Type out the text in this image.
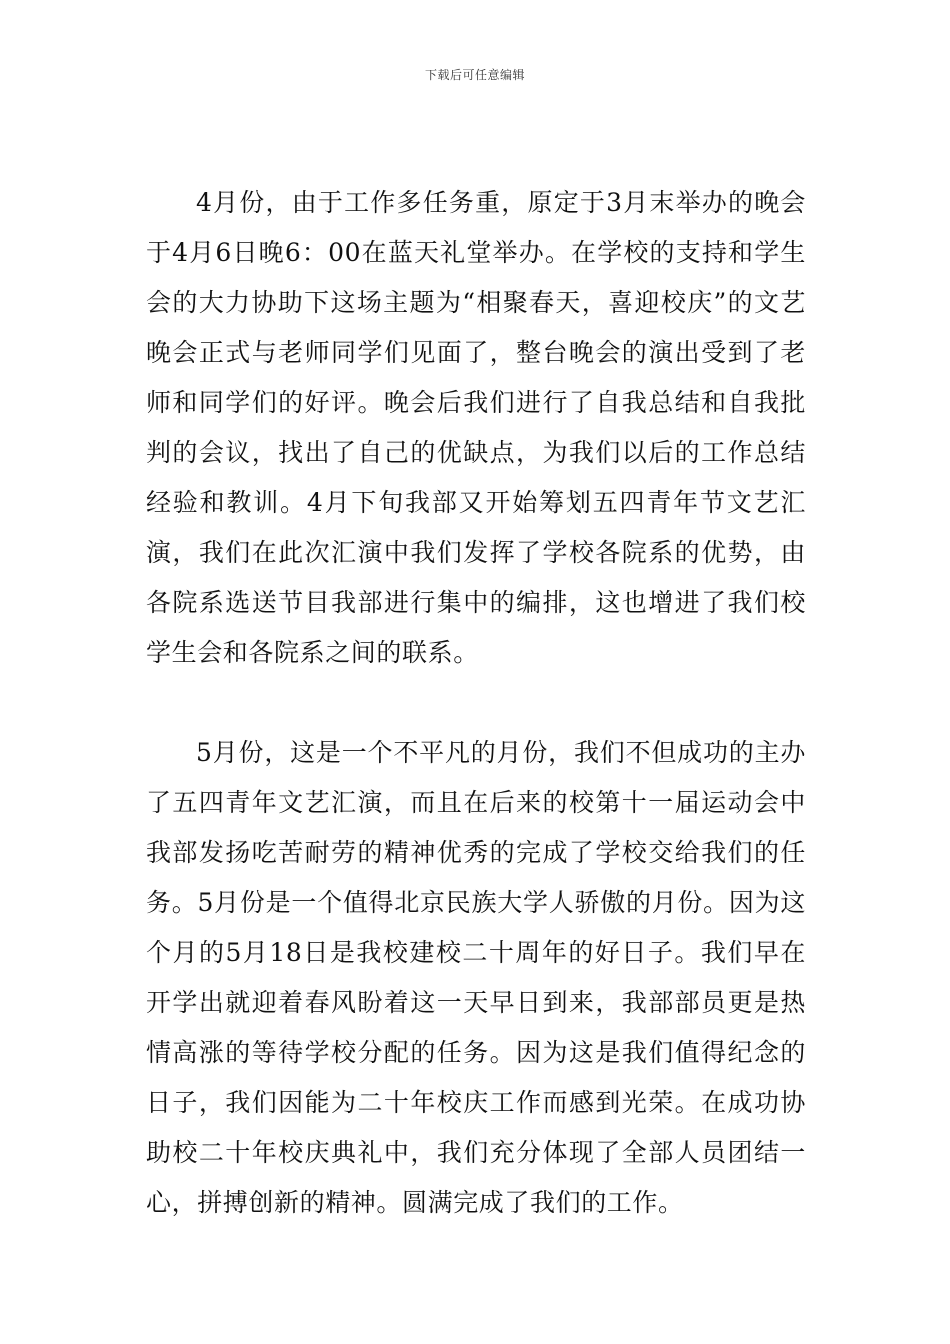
下载后可任意编辑

4月份，由于工作多任务重，原定于3月末举办的晚会于4月6日晚6：00在蓝天礼堂举办。在学校的支持和学生会的大力协助下这场主题为“相聚春天，喜迎校庆”的文艺晚会正式与老师同学们见面了，整台晚会的演出受到了老师和同学们的好评。晚会后我们进行了自我总结和自我批判的会议，找出了自己的优缺点，为我们以后的工作总结经验和教训。4月下旬我部又开始筹划五四青年节文艺汇演，我们在此次汇演中我们发挥了学校各院系的优势，由各院系选送节目我部进行集中的编排，这也增进了我们校学生会和各院系之间的联系。

5月份，这是一个不平凡的月份，我们不但成功的主办了五四青年文艺汇演，而且在后来的校第十一届运动会中我部发扬吃苦耐劳的精神优秀的完成了学校交给我们的任务。5月份是一个值得北京民族大学人骄傲的月份。因为这个月的5月18日是我校建校二十周年的好日子。我们早在开学出就迎着春风盼着这一天早日到来，我部部员更是热情高涨的等待学校分配的任务。因为这是我们值得纪念的日子，我们因能为二十年校庆工作而感到光荣。在成功协助校二十年校庆典礼中，我们充分体现了全部人员团结一心，拼搏创新的精神。圆满完成了我们的工作。
